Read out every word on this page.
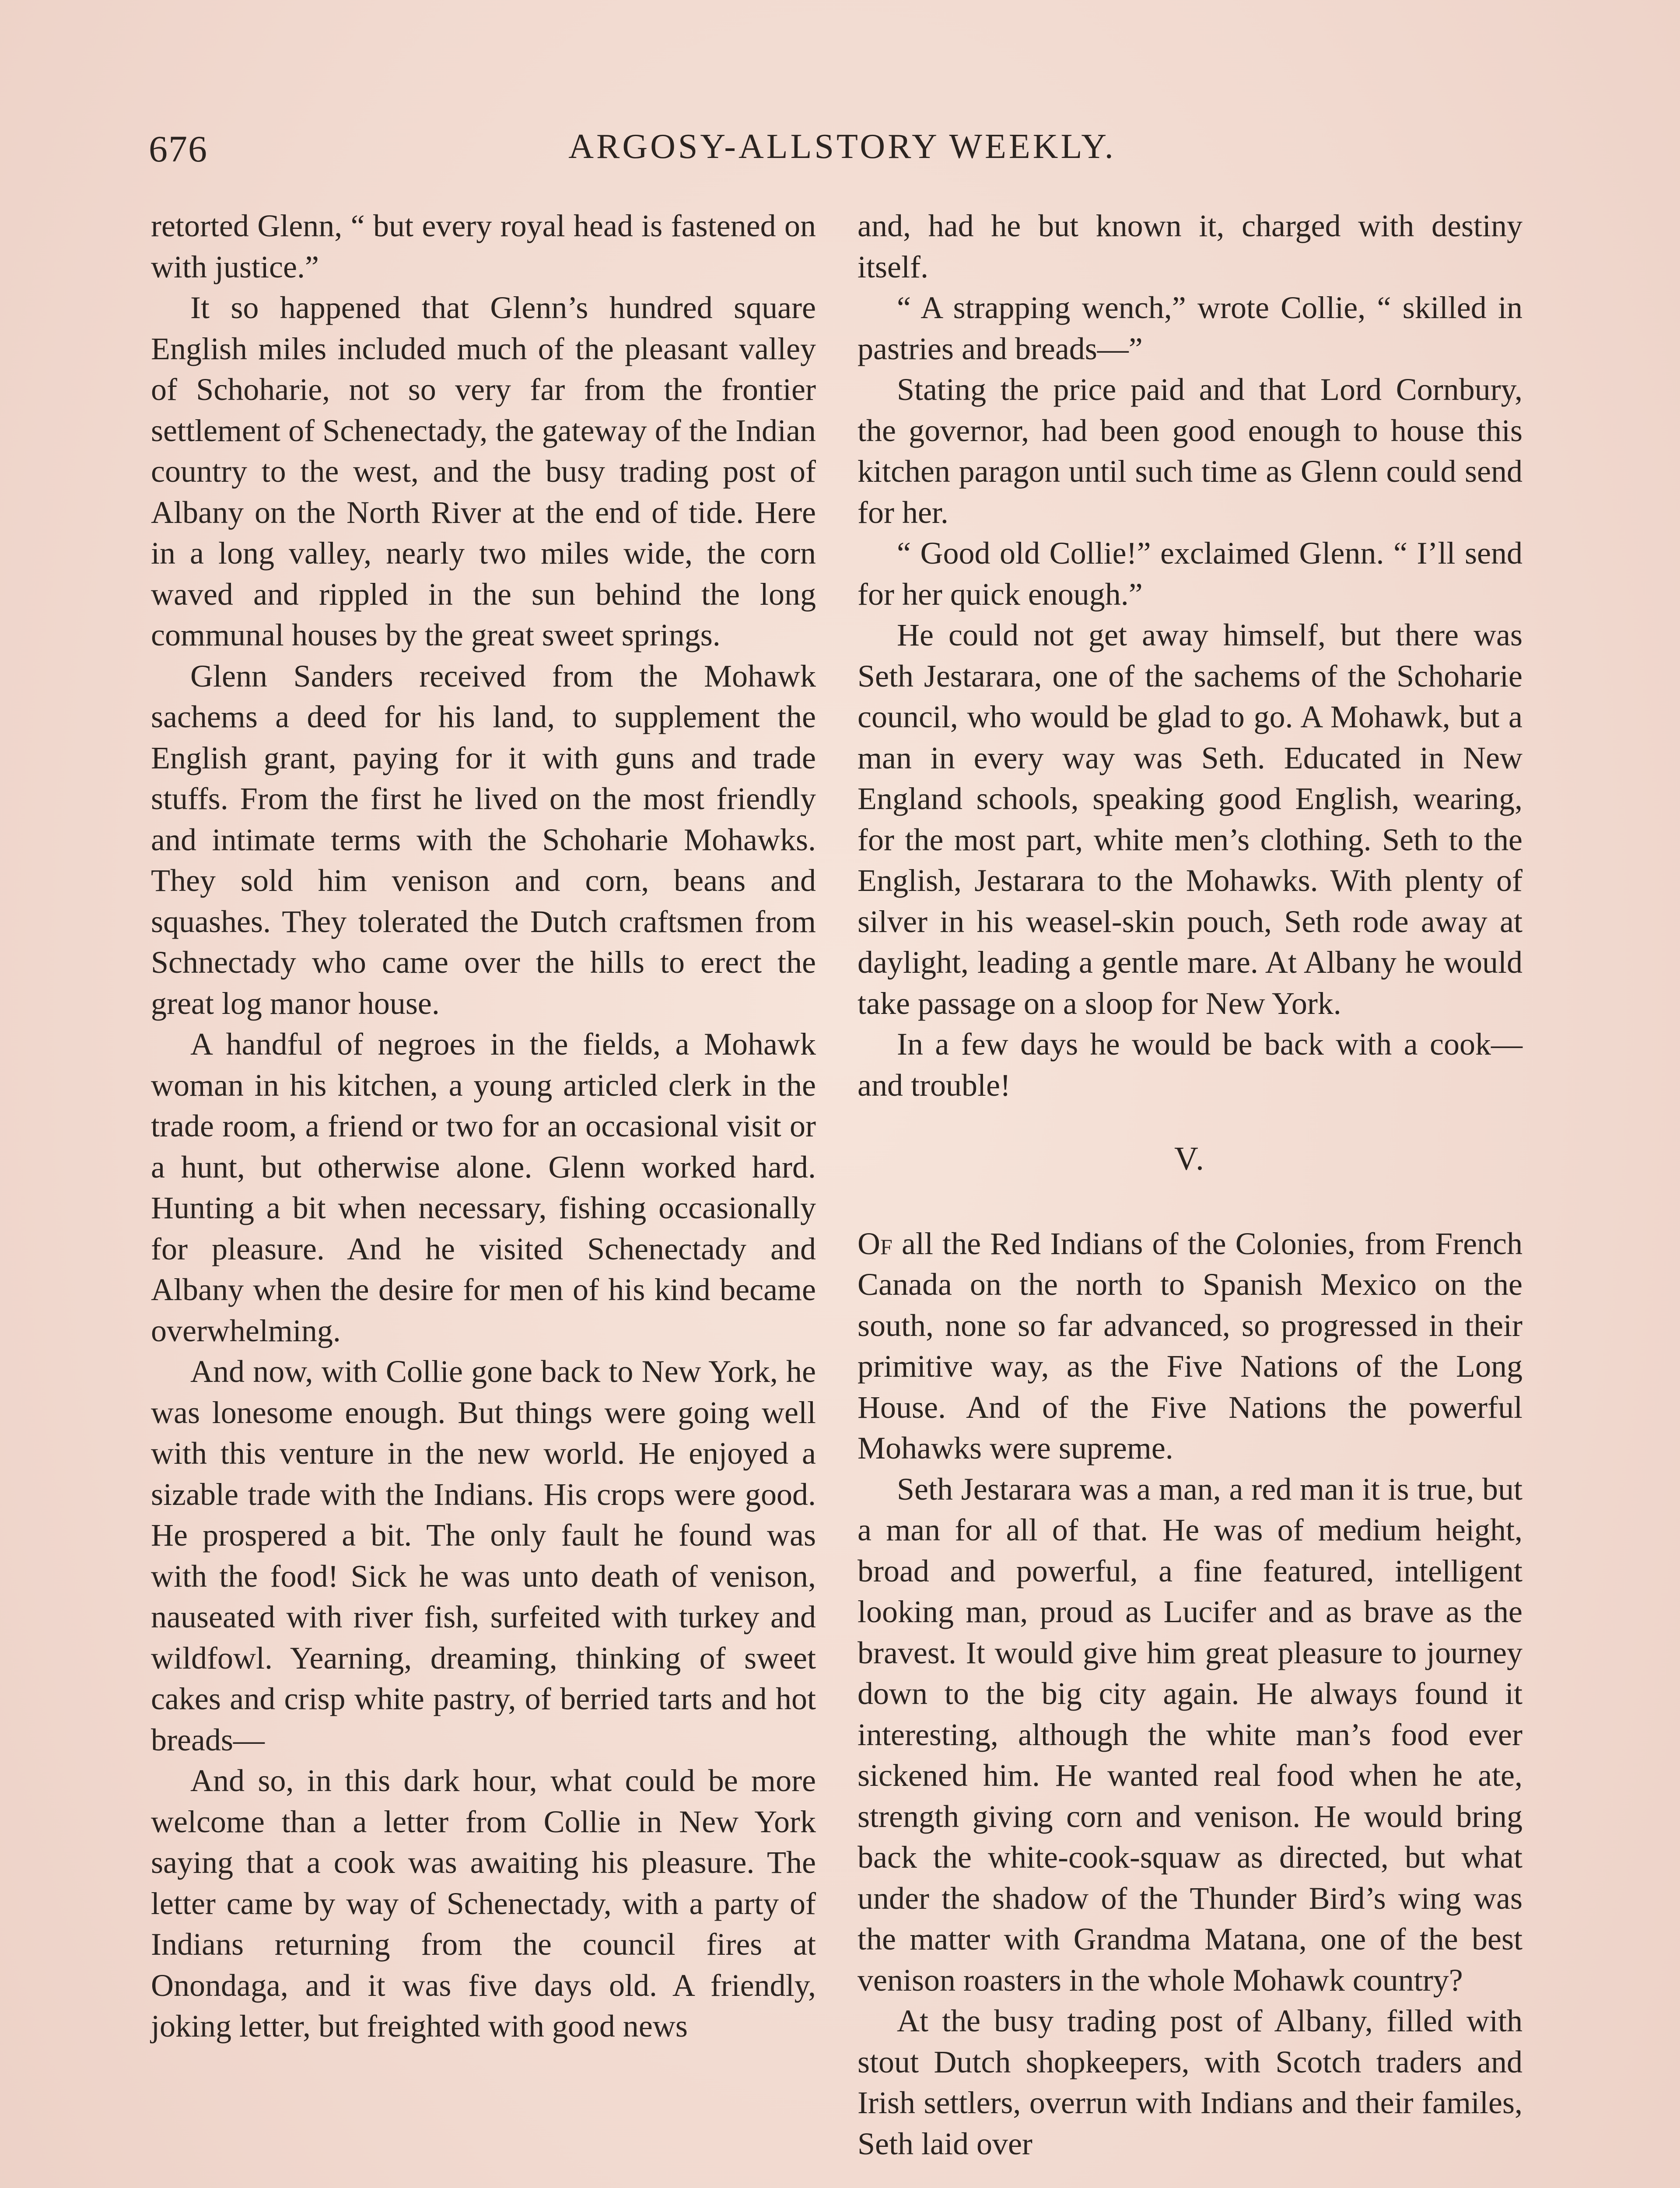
676	ARGOSY-ALLSTORY WEEKLY.

retorted Glenn, “ but every royal head is fastened on with justice.”

It so happened that Glenn’s hundred square English miles included much of the pleasant valley of Schoharie, not so very far from the frontier settlement of Schenectady, the gateway of the Indian country to the west, and the busy trading post of Albany on the North River at the end of tide. Here in a long valley, nearly two miles wide, the corn waved and rippled in the sun behind the long communal houses by the great sweet springs.

Glenn Sanders received from the Mohawk sachems a deed for his land, to supplement the English grant, paying for it with guns and trade stuffs. From the first he lived on the most friendly and intimate terms with the Schoharie Mohawks. They sold him venison and corn, beans and squashes. They tolerated the Dutch craftsmen from Schnectady who came over the hills to erect the great log manor house.

A handful of negroes in the fields, a Mohawk woman in his kitchen, a young articled clerk in the trade room, a friend or two for an occasional visit or a hunt, but otherwise alone. Glenn worked hard. Hunting a bit when necessary, fishing occasionally for pleasure. And he visited Schenectady and Albany when the desire for men of his kind became overwhelming.

And now, with Collie gone back to New York, he was lonesome enough. But things were going well with this venture in the new world. He enjoyed a sizable trade with the Indians. His crops were good. He prospered a bit. The only fault he found was with the food! Sick he was unto death of venison, nauseated with river fish, surfeited with turkey and wildfowl. Yearning, dreaming, thinking of sweet cakes and crisp white pastry, of berried tarts and hot breads—

And so, in this dark hour, what could be more welcome than a letter from Collie in New York saying that a cook was awaiting his pleasure. The letter came by way of Schenectady, with a party of Indians returning from the council fires at Onondaga, and it was five days old. A friendly, joking letter, but freighted with good news

and, had he but known it, charged with destiny itself.

“ A strapping wench,” wrote Collie, “ skilled in pastries and breads—”

Stating the price paid and that Lord Cornbury, the governor, had been good enough to house this kitchen paragon until such time as Glenn could send for her.

“ Good old Collie!” exclaimed Glenn. “ I’ll send for her quick enough.”

He could not get away himself, but there was Seth Jestarara, one of the sachems of the Schoharie council, who would be glad to go. A Mohawk, but a man in every way was Seth. Educated in New England schools, speaking good English, wearing, for the most part, white men’s clothing. Seth to the English, Jestarara to the Mohawks. With plenty of silver in his weasel-skin pouch, Seth rode away at daylight, leading a gentle mare. At Albany he would take passage on a sloop for New York.

In a few days he would be back with a cook—and trouble!

V.

Of all the Red Indians of the Colonies, from French Canada on the north to Spanish Mexico on the south, none so far advanced, so progressed in their primitive way, as the Five Nations of the Long House. And of the Five Nations the powerful Mohawks were supreme.

Seth Jestarara was a man, a red man it is true, but a man for all of that. He was of medium height, broad and powerful, a fine featured, intelligent looking man, proud as Lucifer and as brave as the bravest. It would give him great pleasure to journey down to the big city again. He always found it interesting, although the white man’s food ever sickened him. He wanted real food when he ate, strength giving corn and venison. He would bring back the white-cook-squaw as directed, but what under the shadow of the Thunder Bird’s wing was the matter with Grandma Matana, one of the best venison roasters in the whole Mohawk country?

At the busy trading post of Albany, filled with stout Dutch shopkeepers, with Scotch traders and Irish settlers, overrun with Indians and their familes, Seth laid over
